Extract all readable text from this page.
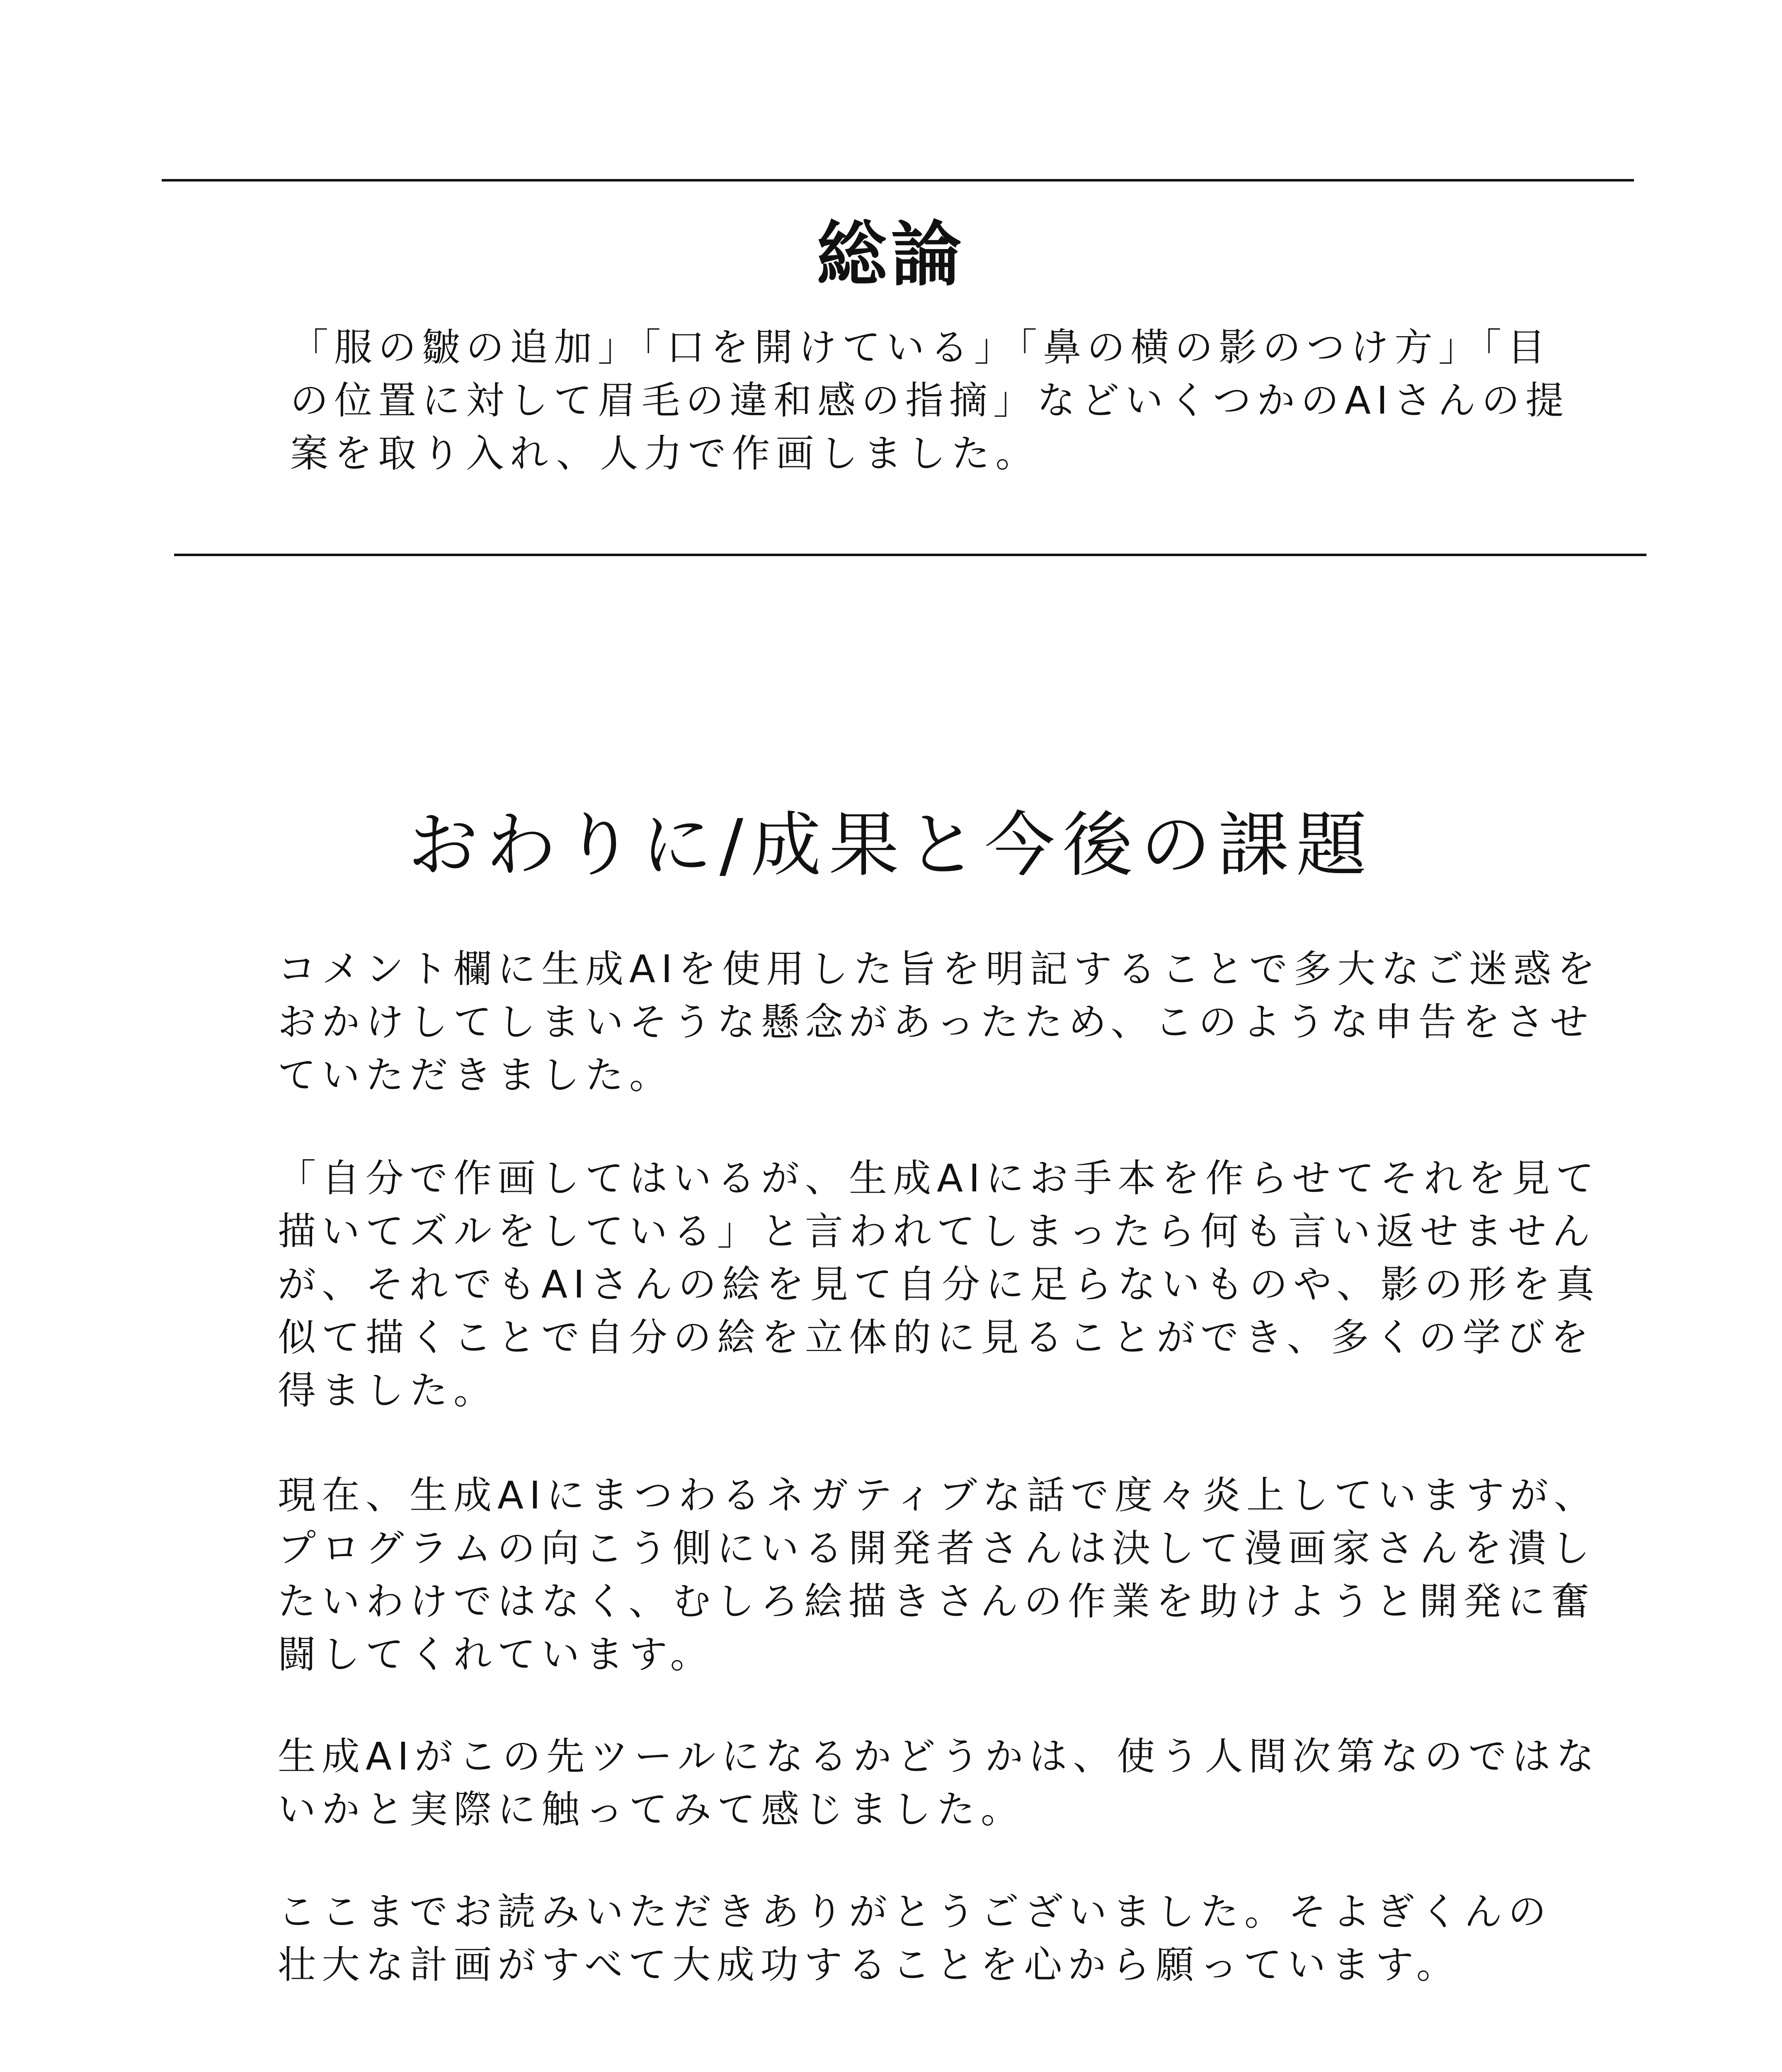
総論

「服の皺の追加」「口を開けている」「鼻の横の影のつけ方」「目
の位置に対して眉毛の違和感の指摘」などいくつかのAIさんの提
案を取り入れ、人力で作画しました。

おわりに/成果と今後の課題

コメント欄に生成AIを使用した旨を明記することで多大なご迷惑を
おかけしてしまいそうな懸念があったため、このような申告をさせ
ていただきました。

「自分で作画してはいるが、生成AIにお手本を作らせてそれを見て
描いてズルをしている」と言われてしまったら何も言い返せません
が、それでもAIさんの絵を見て自分に足らないものや、影の形を真
似て描くことで自分の絵を立体的に見ることができ、多くの学びを
得ました。

現在、生成AIにまつわるネガティブな話で度々炎上していますが、
プログラムの向こう側にいる開発者さんは決して漫画家さんを潰し
たいわけではなく、むしろ絵描きさんの作業を助けようと開発に奮
闘してくれています。

生成AIがこの先ツールになるかどうかは、使う人間次第なのではな
いかと実際に触ってみて感じました。

ここまでお読みいただきありがとうございました。そよぎくんの
壮大な計画がすべて大成功することを心から願っています。
